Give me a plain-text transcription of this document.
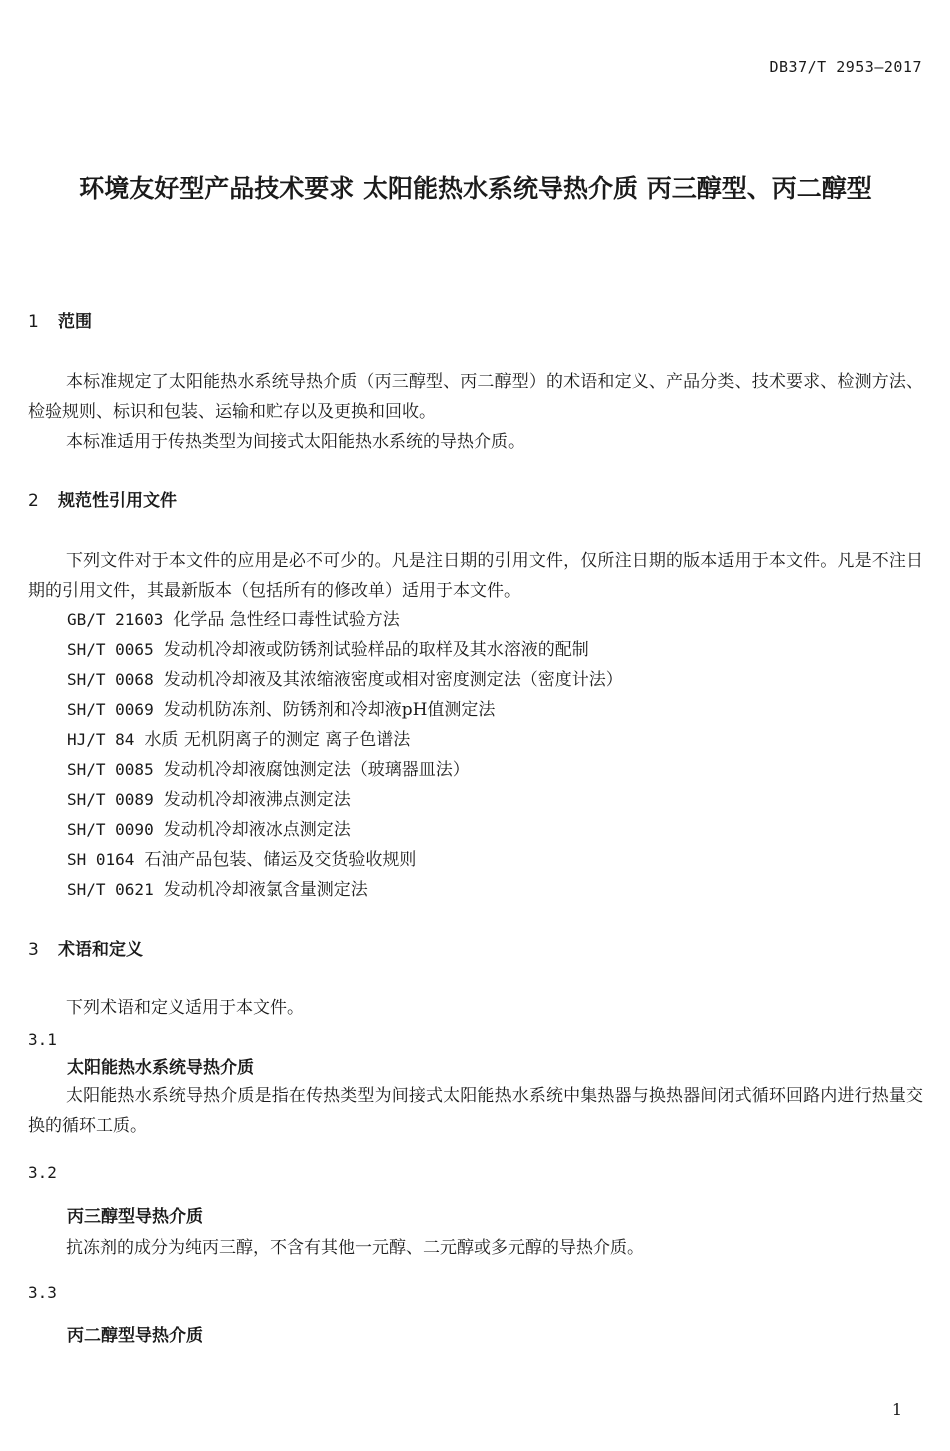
DB37/T 2953—2017
环境友好型产品技术要求 太阳能热水系统导热介质 丙三醇型、丙二醇型
1 范围
本标准规定了太阳能热水系统导热介质（丙三醇型、丙二醇型）的术语和定义、产品分类、技术要求、检测方法、检验规则、标识和包装、运输和贮存以及更换和回收。
本标准适用于传热类型为间接式太阳能热水系统的导热介质。
2 规范性引用文件
下列文件对于本文件的应用是必不可少的。凡是注日期的引用文件，仅所注日期的版本适用于本文件。凡是不注日期的引用文件，其最新版本（包括所有的修改单）适用于本文件。
GB/T 21603 化学品 急性经口毒性试验方法
SH/T 0065 发动机冷却液或防锈剂试验样品的取样及其水溶液的配制
SH/T 0068 发动机冷却液及其浓缩液密度或相对密度测定法（密度计法）
SH/T 0069 发动机防冻剂、防锈剂和冷却液pH值测定法
HJ/T 84 水质 无机阴离子的测定 离子色谱法
SH/T 0085 发动机冷却液腐蚀测定法（玻璃器皿法）
SH/T 0089 发动机冷却液沸点测定法
SH/T 0090 发动机冷却液冰点测定法
SH 0164 石油产品包装、储运及交货验收规则
SH/T 0621 发动机冷却液氯含量测定法
3 术语和定义
下列术语和定义适用于本文件。
3.1
太阳能热水系统导热介质
太阳能热水系统导热介质是指在传热类型为间接式太阳能热水系统中集热器与换热器间闭式循环回路内进行热量交换的循环工质。
3.2
丙三醇型导热介质
抗冻剂的成分为纯丙三醇，不含有其他一元醇、二元醇或多元醇的导热介质。
3.3
丙二醇型导热介质
1
